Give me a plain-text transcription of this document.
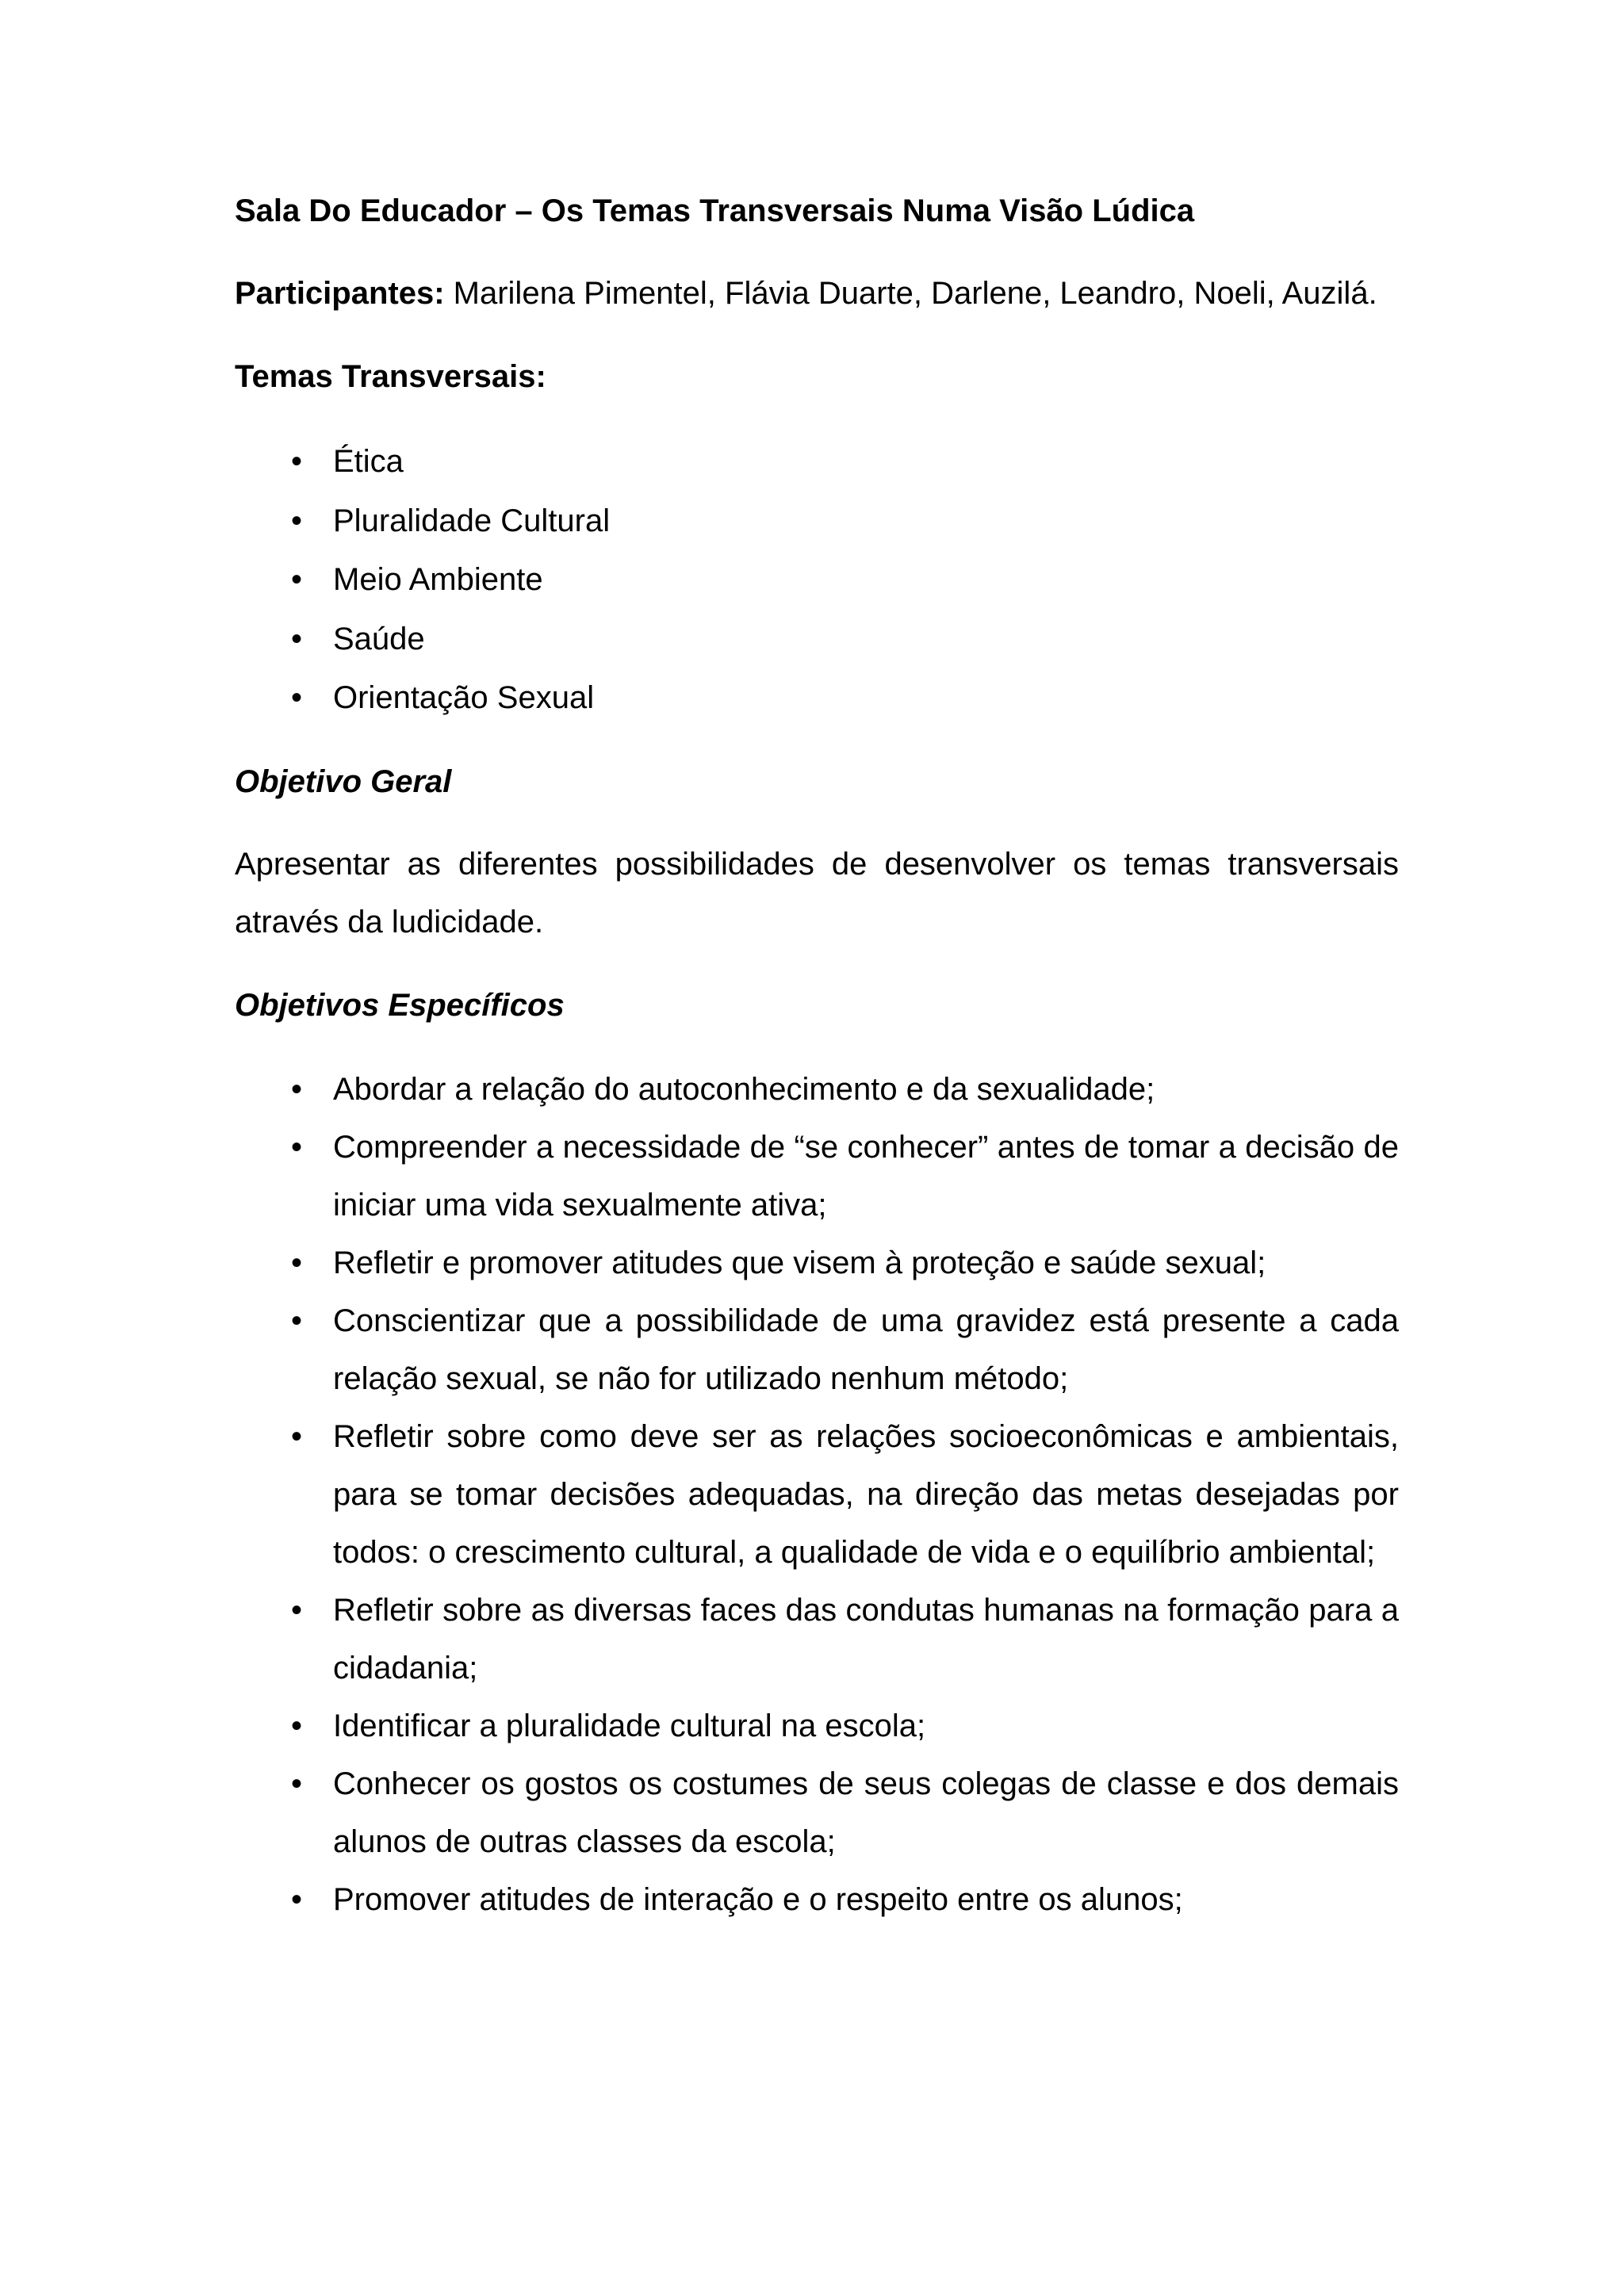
Sala Do Educador – Os Temas Transversais Numa Visão Lúdica

Participantes: Marilena Pimentel, Flávia Duarte, Darlene, Leandro, Noeli, Auzilá.

Temas Transversais:

• Ética
• Pluralidade Cultural
• Meio Ambiente
• Saúde
• Orientação Sexual

Objetivo Geral

Apresentar as diferentes possibilidades de desenvolver os temas transversais através da ludicidade.

Objetivos Específicos

• Abordar a relação do autoconhecimento e da sexualidade;
• Compreender a necessidade de “se conhecer” antes de tomar a decisão de iniciar uma vida sexualmente ativa;
• Refletir e promover atitudes que visem à proteção e saúde sexual;
• Conscientizar que a possibilidade de uma gravidez está presente a cada relação sexual, se não for utilizado nenhum método;
• Refletir sobre como deve ser as relações socioeconômicas e ambientais, para se tomar decisões adequadas, na direção das metas desejadas por todos: o crescimento cultural, a qualidade de vida e o equilíbrio ambiental;
• Refletir sobre as diversas faces das condutas humanas na formação para a cidadania;
• Identificar a pluralidade cultural na escola;
• Conhecer os gostos os costumes de seus colegas de classe e dos demais alunos de outras classes da escola;
• Promover atitudes de interação e o respeito entre os alunos;
